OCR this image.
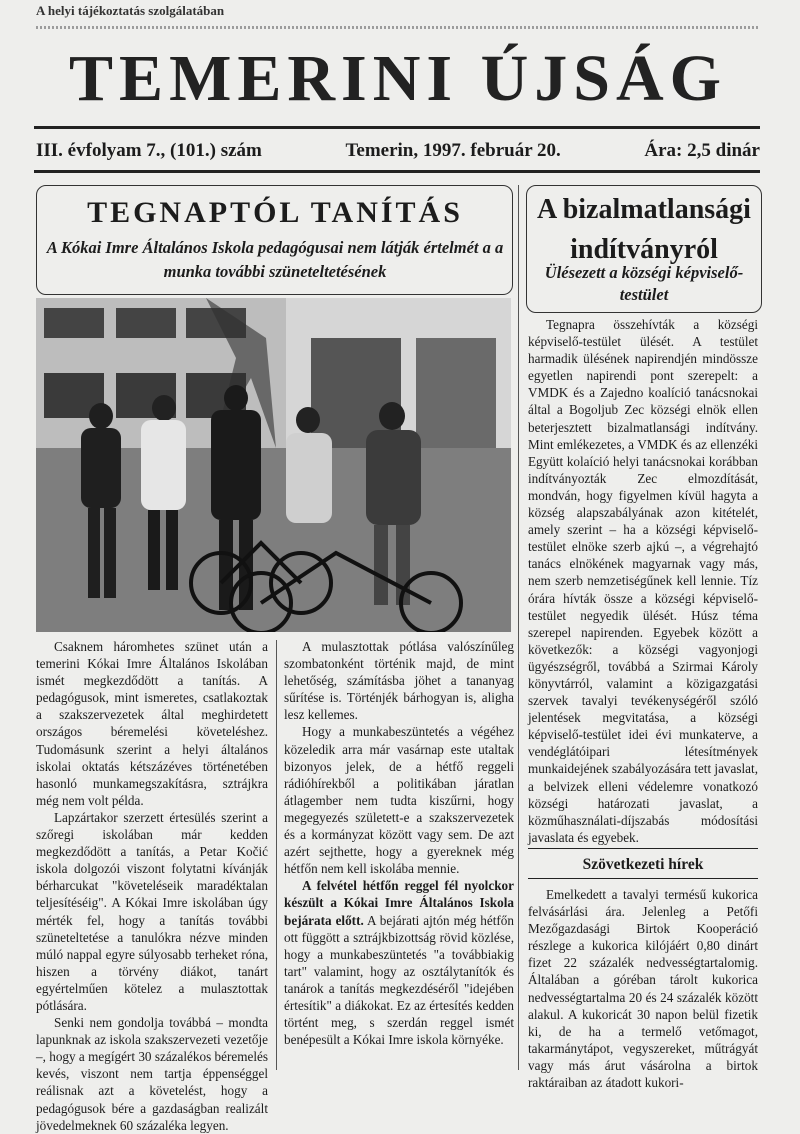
A helyi tájékoztatás szolgálatában
TEMERINI ÚJSÁG
III. évfolyam 7., (101.) szám	Temerin, 1997. február 20.	Ára: 2,5 dinár
TEGNAPTÓL TANÍTÁS
A Kókai Imre Általános Iskola pedagógusai nem látják értelmét a a munka további szüneteltetésének

Csaknem háromhetes szünet után a temerini Kókai Imre Általános Iskolában ismét megkezdődött a tanítás. A pedagógusok, mint ismeretes, csatlakoztak a szakszervezetek által meghirdetett országos béremelési követeléshez. Tudomásunk szerint a helyi általános iskolai oktatás kétszázéves történetében hasonló munkamegszakításra, sztrájkra még nem volt példa.

Lapzártakor szerzett értesülés szerint a szőregi iskolában már kedden megkezdődött a tanítás, a Petar Kočić iskola dolgozói viszont folytatni kívánják bérharcukat "követeléseik maradéktalan teljesítéséig". A Kókai Imre iskolában úgy mérték fel, hogy a tanítás további szüneteltetése a tanulókra nézve minden múló nappal egyre súlyosabb terheket róna, hiszen a törvény diákot, tanárt egyértelműen kötelez a mulasztottak pótlására.

Senki nem gondolja továbbá – mondta lapunknak az iskola szakszervezeti vezetője –, hogy a megígért 30 százalékos béremelés kevés, viszont nem tartja éppenséggel reálisnak azt a követelést, hogy a pedagógusok bére a gazdaságban realizált jövedelmeknek 60 százaléka legyen.

A mulasztottak pótlása valószínűleg szombatonként történik majd, de mint lehetőség, számításba jöhet a tananyag sűrítése is. Történjék bárhogyan is, aligha lesz kellemes.

Hogy a munkabeszüntetés a végéhez közeledik arra már vasárnap este utaltak bizonyos jelek, de a hétfő reggeli rádióhírekből a politikában járatlan átlagember nem tudta kiszűrni, hogy megegyezés született-e a szakszervezetek és a kormányzat között vagy sem. De azt azért sejthette, hogy a gyereknek még hétfőn nem kell iskolába mennie.

A felvétel hétfőn reggel fél nyolckor készült a Kókai Imre Általános Iskola bejárata előtt. A bejárati ajtón még hétfőn ott függött a sztrájkbizottság rövid közlése, hogy a munkabeszüntetés "a továbbiakig tart" valamint, hogy az osztálytanítók és tanárok a tanítás megkezdéséről "idejében értesítik" a diákokat. Ez az értesítés kedden történt meg, s szerdán reggel ismét benépesült a Kókai Imre iskola környéke.

A bizalmatlansági indítványról
Ülésezett a községi képviselő-testület

Tegnapra összehívták a községi képviselő-testület ülését. A testület harmadik ülésének napirendjén mindössze egyetlen napirendi pont szerepelt: a VMDK és a Zajedno koalíció tanácsnokai által a Bogoljub Zec községi elnök ellen beterjesztett bizalmatlansági indítvány. Mint emlékezetes, a VMDK és az ellenzéki Együtt kolaíció helyi tanácsnokai korábban indítványozták Zec elmozdítását, mondván, hogy figyelmen kívül hagyta a község alapszabályának azon kitételét, amely szerint – ha a községi képviselő-testület elnöke szerb ajkú –, a végrehajtó tanács elnökének magyarnak vagy más, nem szerb nemzetiségűnek kell lennie. Tíz órára hívták össze a községi képviselő-testület negyedik ülését. Húsz téma szerepel napirenden. Egyebek között a következők: a községi vagyonjogi ügyészségről, továbbá a Szirmai Károly könyvtárról, valamint a közigazgatási szervek tavalyi tevékenységéről szóló jelentések megvitatása, a községi képviselő-testület idei évi munkaterve, a vendéglátóipari létesítmények munkaidejének szabályozására tett javaslat, a belvizek elleni védelemre vonatkozó községi határozati javaslat, a közműhasználati-díjszabás módosítási javaslata és egyebek.

Szövetkezeti hírek

Emelkedett a tavalyi termésű kukorica felvásárlási ára. Jelenleg a Petőfi Mezőgazdasági Birtok Kooperáció részlege a kukorica kilójáért 0,80 dinárt fizet 22 százalék nedvességtartalomig. Általában a góréban tárolt kukorica nedvességtartalma 20 és 24 százalék között alakul. A kukoricát 30 napon belül fizetik ki, de ha a termelő vetőmagot, takarmánytápot, vegyszereket, műtrágyát vagy más árut vásárolna a birtok raktáraiban az átadott kukori-
